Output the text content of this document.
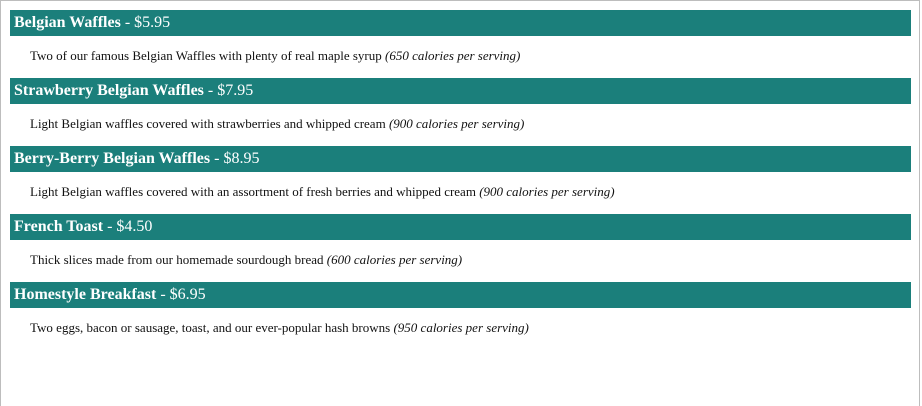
Belgian Waffles - $5.95
Two of our famous Belgian Waffles with plenty of real maple syrup (650 calories per serving)
Strawberry Belgian Waffles - $7.95
Light Belgian waffles covered with strawberries and whipped cream (900 calories per serving)
Berry-Berry Belgian Waffles - $8.95
Light Belgian waffles covered with an assortment of fresh berries and whipped cream (900 calories per serving)
French Toast - $4.50
Thick slices made from our homemade sourdough bread (600 calories per serving)
Homestyle Breakfast - $6.95
Two eggs, bacon or sausage, toast, and our ever-popular hash browns (950 calories per serving)
